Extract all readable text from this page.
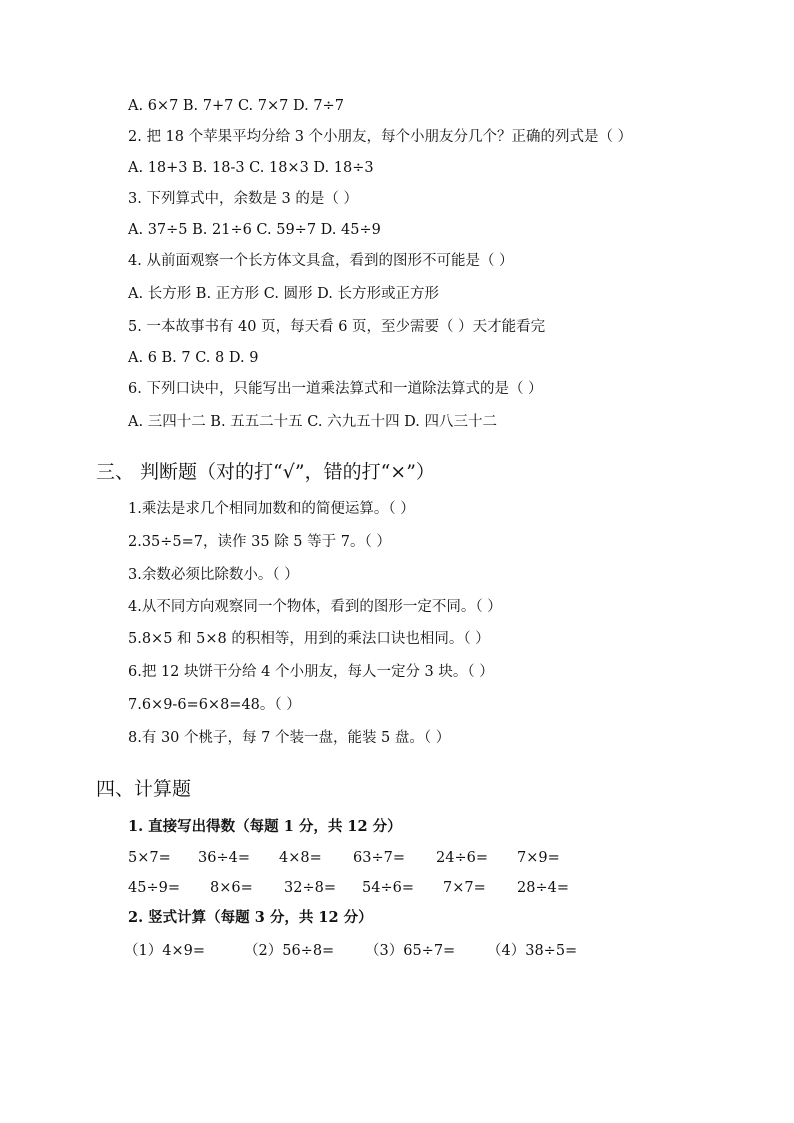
A. 6×7 B. 7+7 C. 7×7 D. 7÷7
2. 把 18 个苹果平均分给 3 个小朋友，每个小朋友分几个？正确的列式是（ ）
A. 18+3 B. 18-3 C. 18×3 D. 18÷3
3. 下列算式中，余数是 3 的是（ ）
A. 37÷5 B. 21÷6 C. 59÷7 D. 45÷9
4. 从前面观察一个长方体文具盒，看到的图形不可能是（ ）
A. 长方形 B. 正方形 C. 圆形 D. 长方形或正方形
5. 一本故事书有 40 页，每天看 6 页，至少需要（ ）天才能看完
A. 6 B. 7 C. 8 D. 9
6. 下列口诀中，只能写出一道乘法算式和一道除法算式的是（ ）
A. 三四十二 B. 五五二十五 C. 六九五十四 D. 四八三十二
三、 判断题（对的打“√”，错的打“×”）
1.乘法是求几个相同加数和的简便运算。（ ）
2.35÷5=7，读作 35 除 5 等于 7。（ ）
3.余数必须比除数小。（ ）
4.从不同方向观察同一个物体，看到的图形一定不同。（ ）
5.8×5 和 5×8 的积相等，用到的乘法口诀也相同。（ ）
6.把 12 块饼干分给 4 个小朋友，每人一定分 3 块。（ ）
7.6×9-6=6×8=48。（ ）
8.有 30 个桃子，每 7 个装一盘，能装 5 盘。（ ）
四、计算题
1. 直接写出得数（每题 1 分，共 12 分）
5×7= 36÷4= 4×8= 63÷7= 24÷6= 7×9=
45÷9= 8×6= 32÷8= 54÷6= 7×7= 28÷4=
2. 竖式计算（每题 3 分，共 12 分）
（1）4×9=	（2）56÷8= （3）65÷7= （4）38÷5=
